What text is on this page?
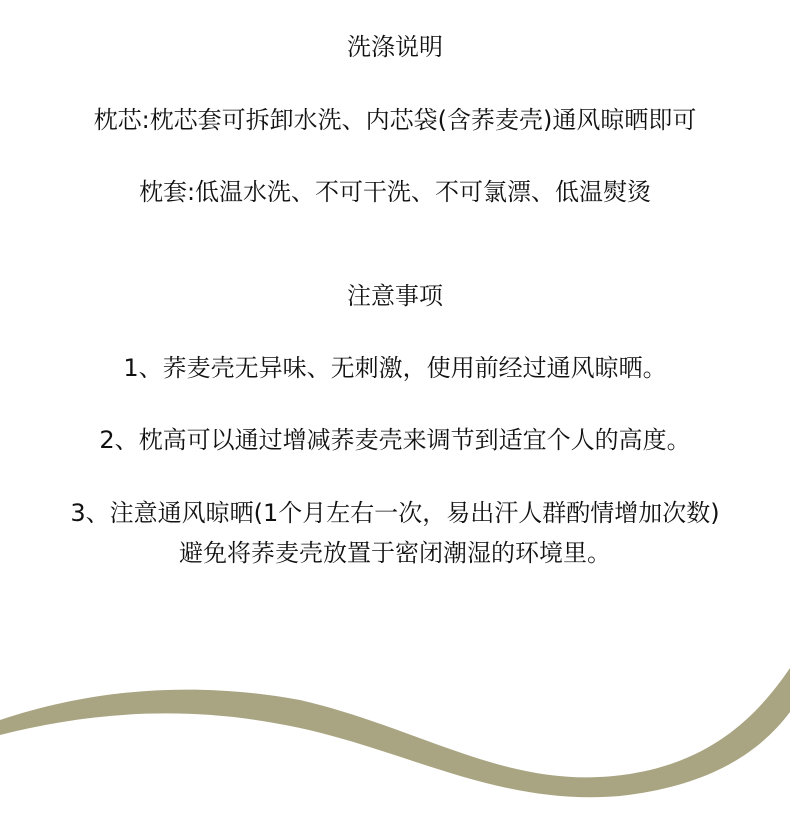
洗涤说明
枕芯:枕芯套可拆卸水洗、内芯袋(含荞麦壳)通风晾晒即可
枕套:低温水洗、不可干洗、不可氯漂、低温熨烫
注意事项
1、荞麦壳无异味、无刺激，使用前经过通风晾晒。
2、枕高可以通过增减荞麦壳来调节到适宜个人的高度。
3、注意通风晾晒(1个月左右一次，易出汗人群酌情增加次数)
避免将荞麦壳放置于密闭潮湿的环境里。
